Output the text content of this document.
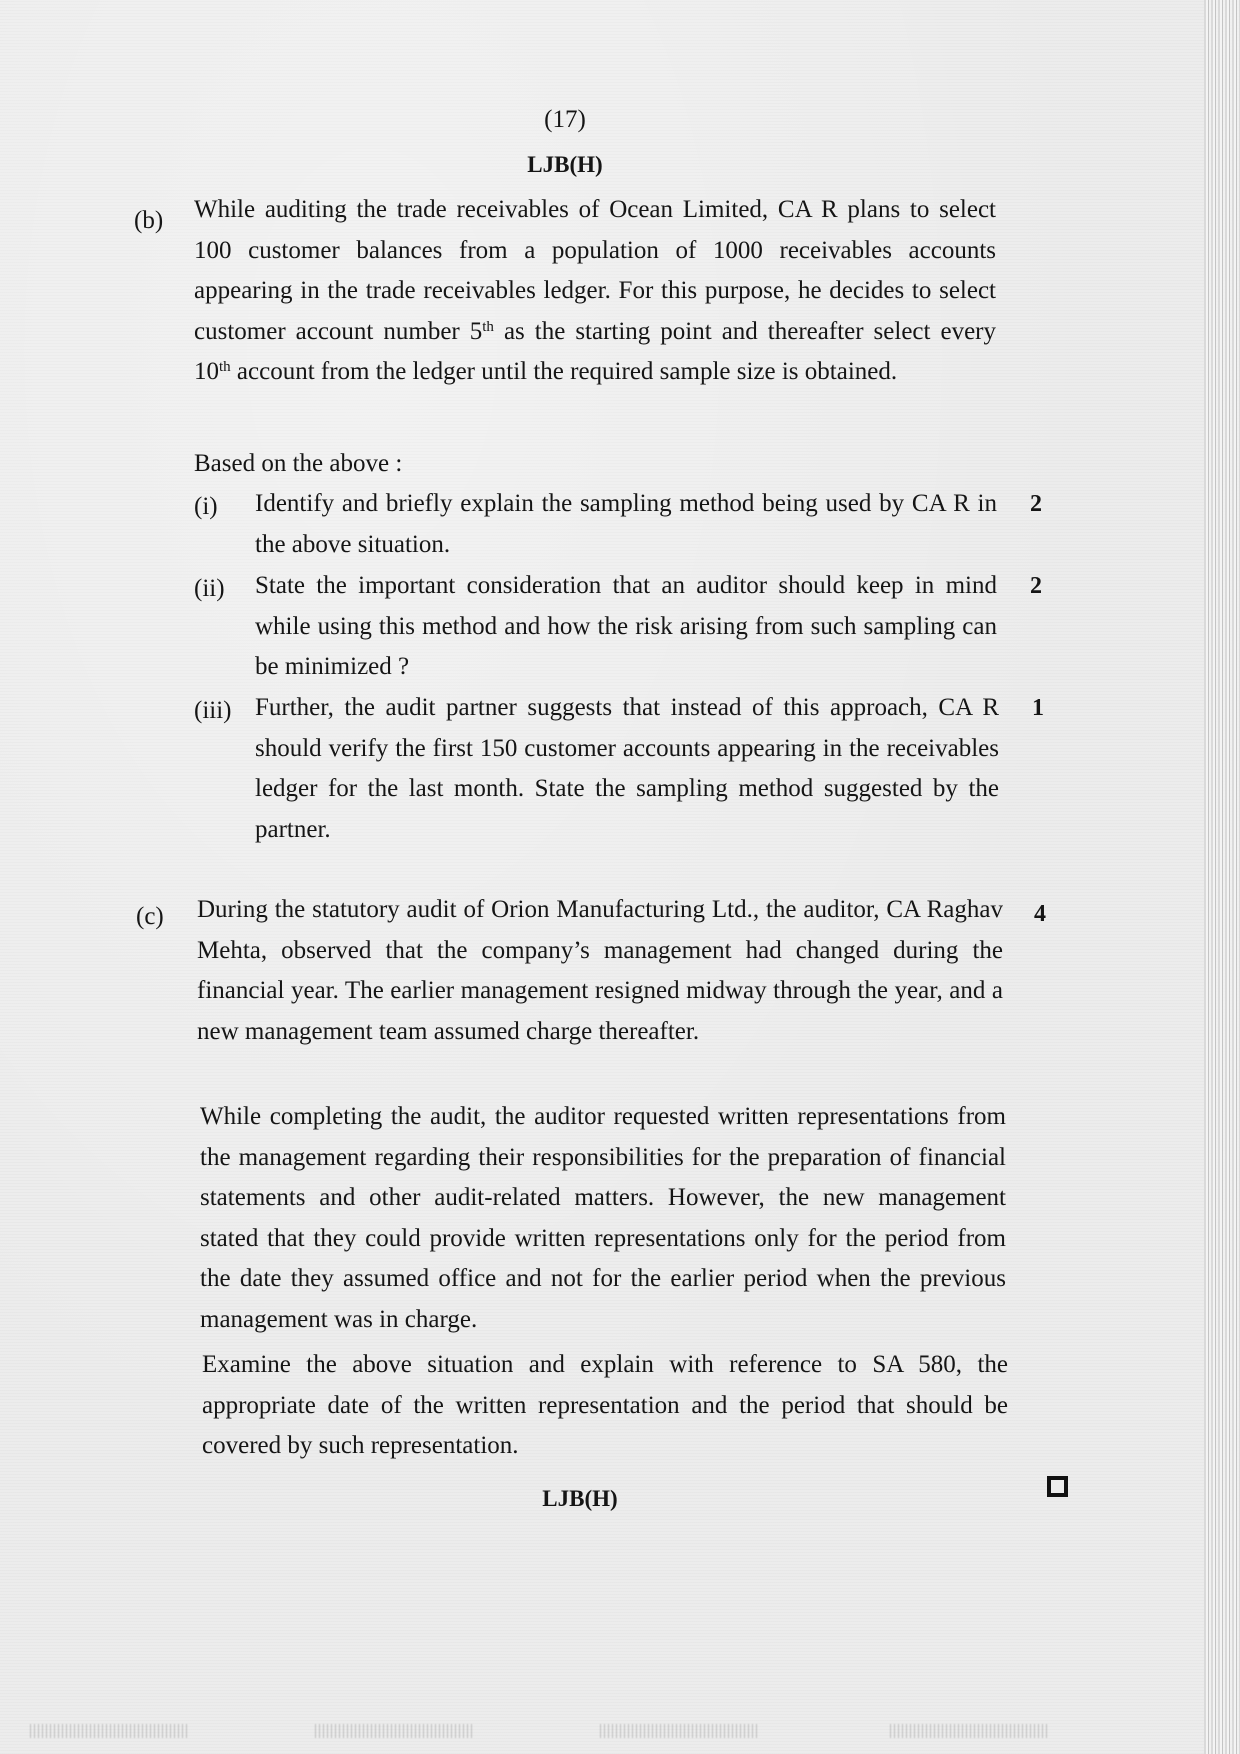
(17)
LJB(H)
(b) While auditing the trade receivables of Ocean Limited, CA R plans to select 100 customer balances from a population of 1000 receivables accounts appearing in the trade receivables ledger. For this purpose, he decides to select customer account number 5th as the starting point and thereafter select every 10th account from the ledger until the required sample size is obtained.
Based on the above :
(i) Identify and briefly explain the sampling method being used by CA R in the above situation.
2
(ii) State the important consideration that an auditor should keep in mind while using this method and how the risk arising from such sampling can be minimized ?
2
(iii) Further, the audit partner suggests that instead of this approach, CA R should verify the first 150 customer accounts appearing in the receivables ledger for the last month. State the sampling method suggested by the partner.
1
(c)	4
During the statutory audit of Orion Manufacturing Ltd., the auditor, CA Raghav Mehta, observed that the company’s management had changed during the financial year. The earlier management resigned midway through the year, and a new management team assumed charge thereafter.
While completing the audit, the auditor requested written representations from the management regarding their responsibilities for the preparation of financial statements and other audit-related matters. However, the new management stated that they could provide written representations only for the period from the date they assumed office and not for the earlier period when the previous management was in charge.
Examine the above situation and explain with reference to SA 580, the appropriate date of the written representation and the period that should be covered by such representation.
LJB(H)
